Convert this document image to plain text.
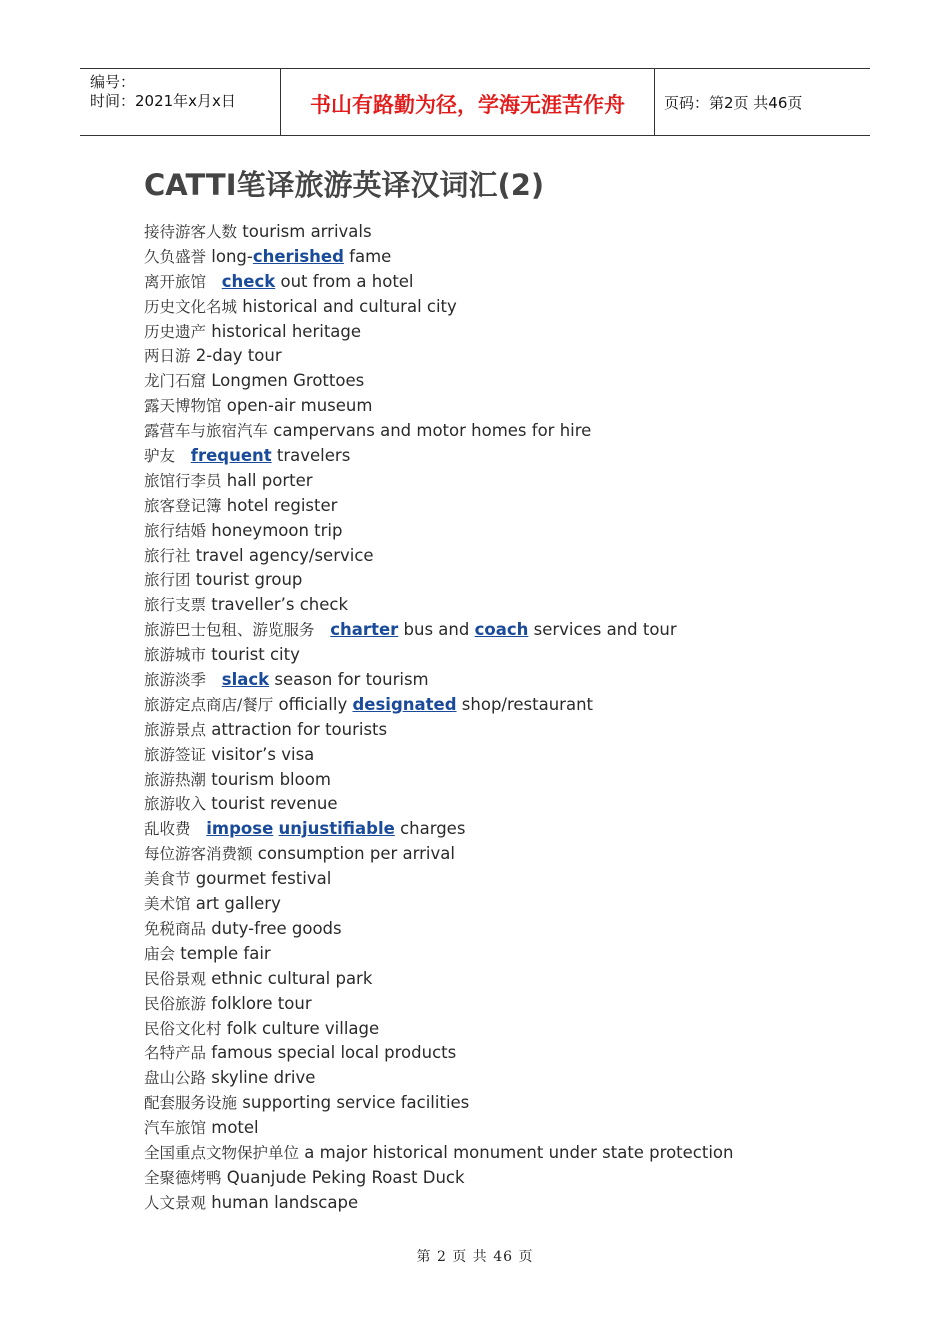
编号：
时间：2021年x月x日	书山有路勤为径，学海无涯苦作舟	页码：第2页 共46页
CATTI笔译旅游英译汉词汇(2)
接待游客人数 tourism arrivals
久负盛誉 long-cherished fame
离开旅馆 check out from a hotel
历史文化名城 historical and cultural city
历史遗产 historical heritage
两日游 2-day tour
龙门石窟 Longmen Grottoes
露天博物馆 open-air museum
露营车与旅宿汽车 campervans and motor homes for hire
驴友 frequent travelers
旅馆行李员 hall porter
旅客登记簿 hotel register
旅行结婚 honeymoon trip
旅行社 travel agency/service
旅行团 tourist group
旅行支票 traveller’s check
旅游巴士包租、游览服务 charter bus and coach services and tour
旅游城市 tourist city
旅游淡季 slack season for tourism
旅游定点商店/餐厅 officially designated shop/restaurant
旅游景点 attraction for tourists
旅游签证 visitor’s visa
旅游热潮 tourism bloom
旅游收入 tourist revenue
乱收费 impose unjustifiable charges
每位游客消费额 consumption per arrival
美食节 gourmet festival
美术馆 art gallery
免税商品 duty-free goods
庙会 temple fair
民俗景观 ethnic cultural park
民俗旅游 folklore tour
民俗文化村 folk culture village
名特产品 famous special local products
盘山公路 skyline drive
配套服务设施 supporting service facilities
汽车旅馆 motel
全国重点文物保护单位 a major historical monument under state protection
全聚德烤鸭 Quanjude Peking Roast Duck
人文景观 human landscape
第 2 页 共 46 页
